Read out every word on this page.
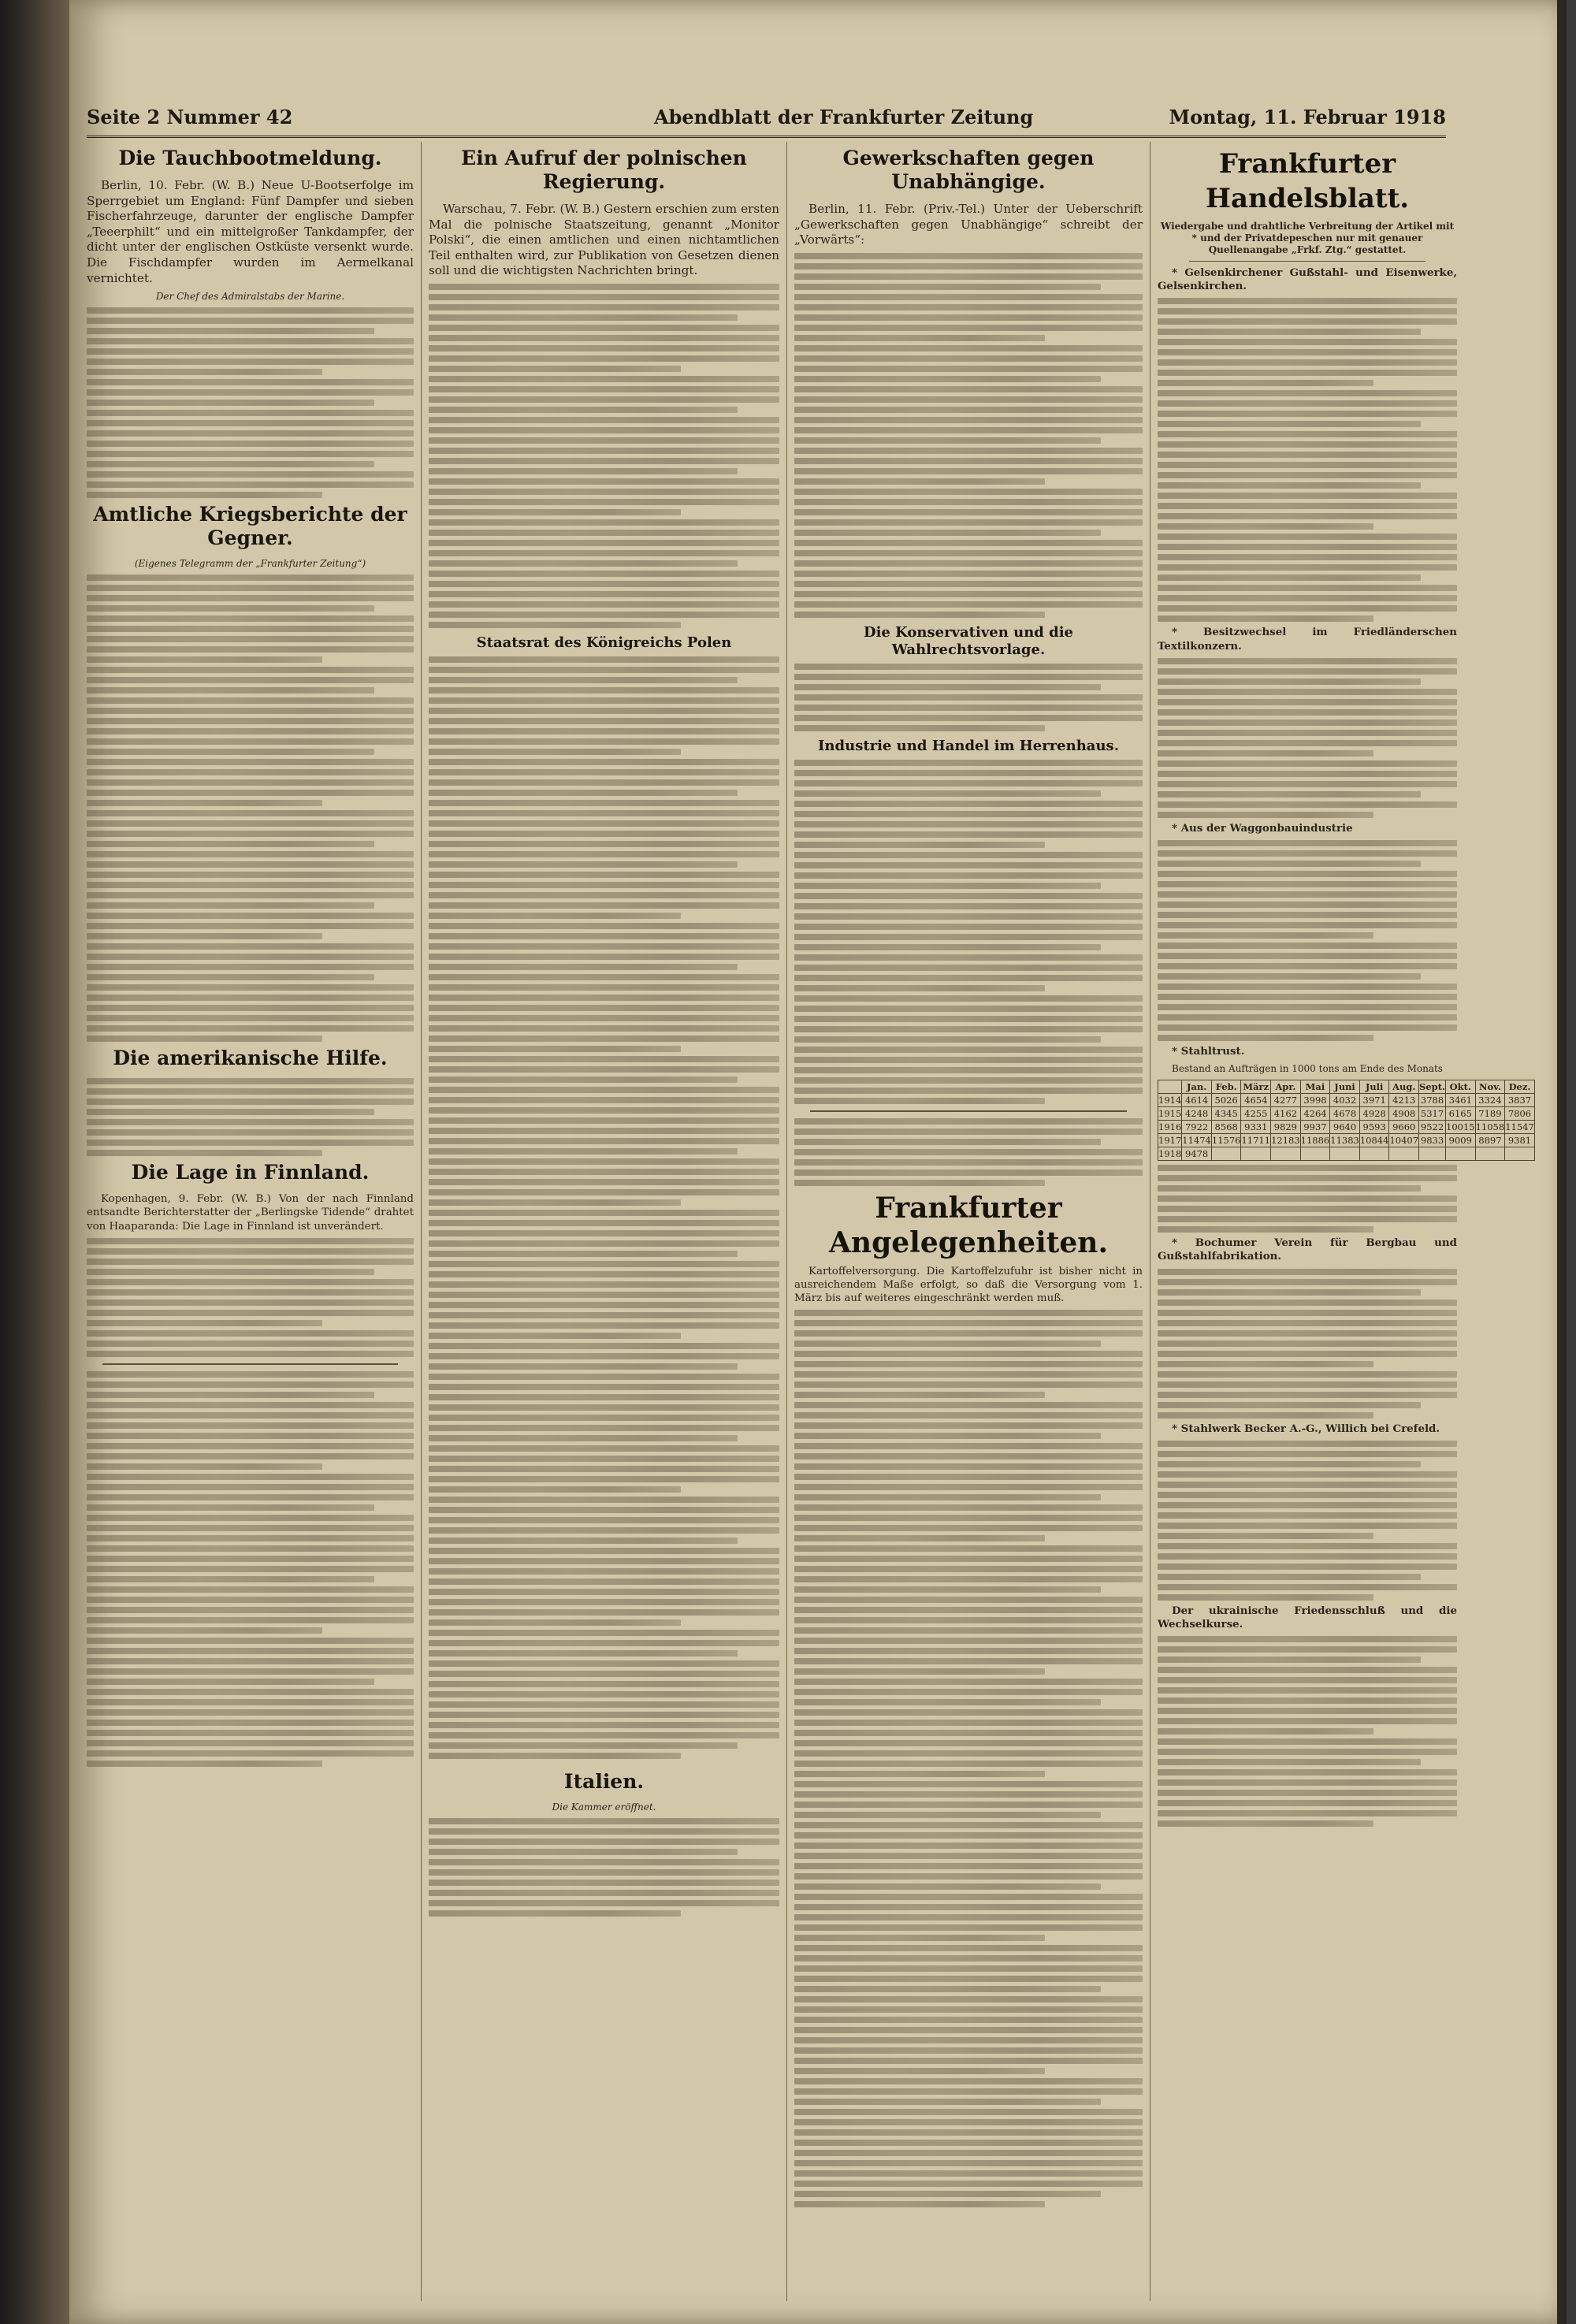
Seite 2 Nummer 42	Abendblatt der Frankfurter Zeitung	Montag, 11. Februar 1918
Die Tauchbootmeldung.

Berlin, 10. Febr. (W. B.) Neue U-Bootserfolge im Sperrgebiet um England: Fünf Dampfer und sieben Fischerfahrzeuge, darunter der englische Dampfer „Teeerphilt“ und ein mittelgroßer Tankdampfer, der dicht unter der englischen Ostküste versenkt wurde. Die Fischdampfer wurden im Aermelkanal vernichtet.

Der Chef des Admiralstabs der Marine.
Amtliche Kriegsberichte der Gegner.
(Eigenes Telegramm der „Frankfurter Zeitung“)
Die amerikanische Hilfe.
Die Lage in Finnland.

Kopenhagen, 9. Febr. (W. B.) Von der nach Finnland entsandte Berichterstatter der „Berlingske Tidende“ drahtet von Haaparanda: Die Lage in Finnland ist unverändert.

Ein Aufruf der polnischen Regierung.

Warschau, 7. Febr. (W. B.) Gestern erschien zum ersten Mal die polnische Staatszeitung, genannt „Monitor Polski“, die einen amtlichen und einen nichtamtlichen Teil enthalten wird, zur Publikation von Gesetzen dienen soll und die wichtigsten Nachrichten bringt.

Staatsrat des Königreichs Polen
Italien.
Die Kammer eröffnet.
Gewerkschaften gegen Unabhängige.

Berlin, 11. Febr. (Priv.-Tel.) Unter der Ueberschrift „Gewerkschaften gegen Unabhängige“ schreibt der „Vorwärts“:

Die Konservativen und die Wahlrechtsvorlage.
Industrie und Handel im Herrenhaus.
Frankfurter Angelegenheiten.

Kartoffelversorgung. Die Kartoffelzufuhr ist bisher nicht in ausreichendem Maße erfolgt, so daß die Versorgung vom 1. März bis auf weiteres eingeschränkt werden muß.

Frankfurter Handelsblatt.
Wiedergabe und drahtliche Verbreitung der Artikel mit * und der Privatdepeschen nur mit genauer Quellenangabe „Frkf. Ztg.“ gestattet.

* Gelsenkirchener Gußstahl- und Eisenwerke, Gelsenkirchen.

* Besitzwechsel im Friedländerschen Textilkonzern.

* Aus der Waggonbauindustrie

* Stahltrust.

Bestand an Aufträgen in 1000 tons am Ende des Monats
	Jan.	Feb.	März	Apr.	Mai	Juni	Juli	Aug.	Sept.	Okt.	Nov.	Dez.
1914	4614	5026	4654	4277	3998	4032	3971	4213	3788	3461	3324	3837
1915	4248	4345	4255	4162	4264	4678	4928	4908	5317	6165	7189	7806
1916	7922	8568	9331	9829	9937	9640	9593	9660	9522	10015	11058	11547
1917	11474	11576	11711	12183	11886	11383	10844	10407	9833	9009	8897	9381
1918	9478											

* Bochumer Verein für Bergbau und Gußstahlfabrikation.

* Stahlwerk Becker A.-G., Willich bei Crefeld.

Der ukrainische Friedensschluß und die Wechselkurse.
